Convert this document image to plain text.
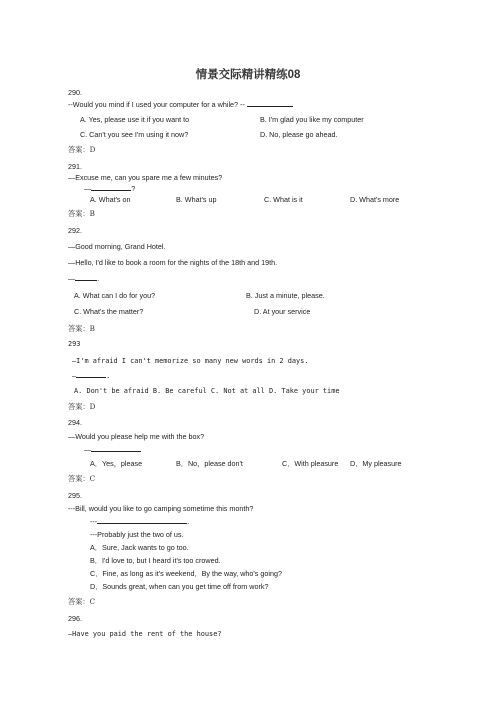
情景交际精讲精练08
290.
--Would you mind if I used your computer for a while? --
A. Yes, please use it if you want to	B. I'm glad you like my computer
C. Can't you see I'm using it now?	D. No, please go ahead.
答案：D
291.
—Excuse me, can you spare me a few minutes?
—	?
A. What's on	B. What's up	C. What is it	D. What's more
答案：B
292.
—Good morning, Grand Hotel.
—Hello, I'd like to book a room for the nights of the 18th and 19th.
—	.
A. What can I do for you?	B. Just a minute, please.
C. What's the matter?	D. At your service
答案：B
293
—I'm afraid I can't memorize so many new words in 2 days.
—	.
A. Don't be afraid B. Be careful C. Not at all D. Take your time
答案：D
294.
—Would you please help me with the box?
—
A．Yes，please	B．No，please don't	C．With pleasure D．My pleasure
答案：C
295.
---Bill, would you like to go camping sometime this month?
---	.
---Probably just the two of us.
A．Sure, Jack wants to go too.
B．I'd love to, but I heard it's too crowed.
C．Fine, as long as it's weekend．By the way, who's going?
D．Sounds great, when can you get time off from work?
答案：C
296.
—Have you paid the rent of the house?
